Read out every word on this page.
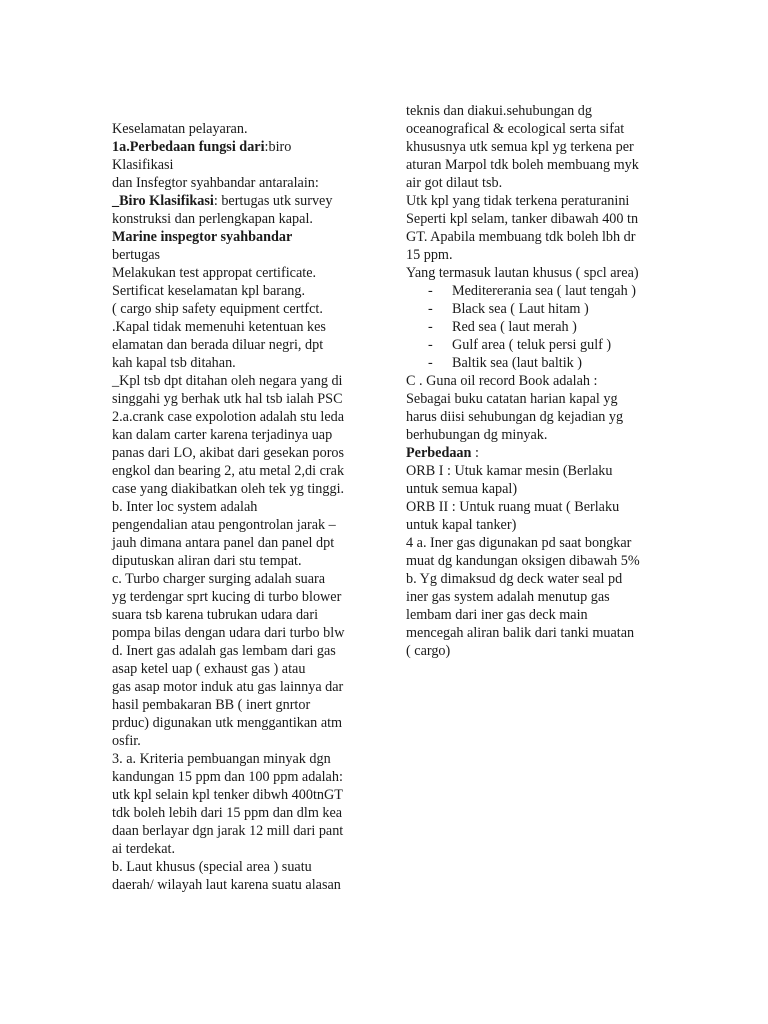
Keselamatan pelayaran.
1a.Perbedaan fungsi dari:biro
Klasifikasi
dan Insfegtor syahbandar antaralain:
_Biro Klasifikasi: bertugas utk survey
konstruksi dan perlengkapan kapal.
Marine inspegtor syahbandar
bertugas
Melakukan test appropat certificate.
Sertificat keselamatan kpl barang.
( cargo ship safety equipment certfct.
.Kapal tidak memenuhi ketentuan kes
elamatan dan berada diluar negri, dpt
kah kapal tsb ditahan.
_Kpl tsb dpt ditahan oleh negara yang di
singgahi yg berhak utk hal tsb ialah PSC
2.a.crank case expolotion adalah stu leda
kan dalam carter karena terjadinya uap
panas dari LO, akibat dari gesekan poros
engkol dan bearing 2, atu metal 2,di crak
case yang diakibatkan oleh tek yg tinggi.
b. Inter loc system adalah
pengendalian atau pengontrolan jarak –
jauh dimana antara panel dan panel dpt
diputuskan aliran dari stu tempat.
c. Turbo charger surging adalah suara
yg terdengar sprt kucing di turbo blower
suara tsb karena tubrukan udara dari
pompa bilas dengan udara dari turbo blw
d. Inert gas adalah gas lembam dari gas
asap ketel uap ( exhaust gas ) atau
gas asap motor induk atu gas lainnya dar
hasil pembakaran BB ( inert gnrtor
prduc) digunakan utk menggantikan atm
osfir.
3. a. Kriteria pembuangan minyak dgn
kandungan 15 ppm dan 100 ppm adalah:
utk kpl selain kpl tenker dibwh 400tnGT
tdk boleh lebih dari 15 ppm dan dlm kea
daan berlayar dgn jarak 12 mill dari pant
ai terdekat.
b. Laut khusus (special area ) suatu
daerah/ wilayah laut karena suatu alasan
teknis dan diakui.sehubungan dg
oceanografical & ecological serta sifat
khususnya utk semua kpl yg terkena per
aturan Marpol tdk boleh membuang myk
air got dilaut tsb.
Utk kpl yang tidak terkena peraturanini
Seperti kpl selam, tanker dibawah 400 tn
GT. Apabila membuang tdk boleh lbh dr
15 ppm.
Yang termasuk lautan khusus ( spcl area)
- Meditererania sea ( laut tengah )
- Black sea ( Laut hitam )
- Red sea ( laut merah )
- Gulf area ( teluk persi gulf )
- Baltik sea (laut baltik )
C . Guna oil record Book adalah :
Sebagai buku catatan harian kapal yg
harus diisi sehubungan dg kejadian yg
berhubungan dg minyak.
Perbedaan :
ORB I : Utuk kamar mesin (Berlaku
untuk semua kapal)
ORB II : Untuk ruang muat ( Berlaku
untuk kapal tanker)
4 a. Iner gas digunakan pd saat bongkar
muat dg kandungan oksigen dibawah 5%
b. Yg dimaksud dg deck water seal pd
iner gas system adalah menutup gas
lembam dari iner gas deck main
mencegah aliran balik dari tanki muatan
( cargo)
